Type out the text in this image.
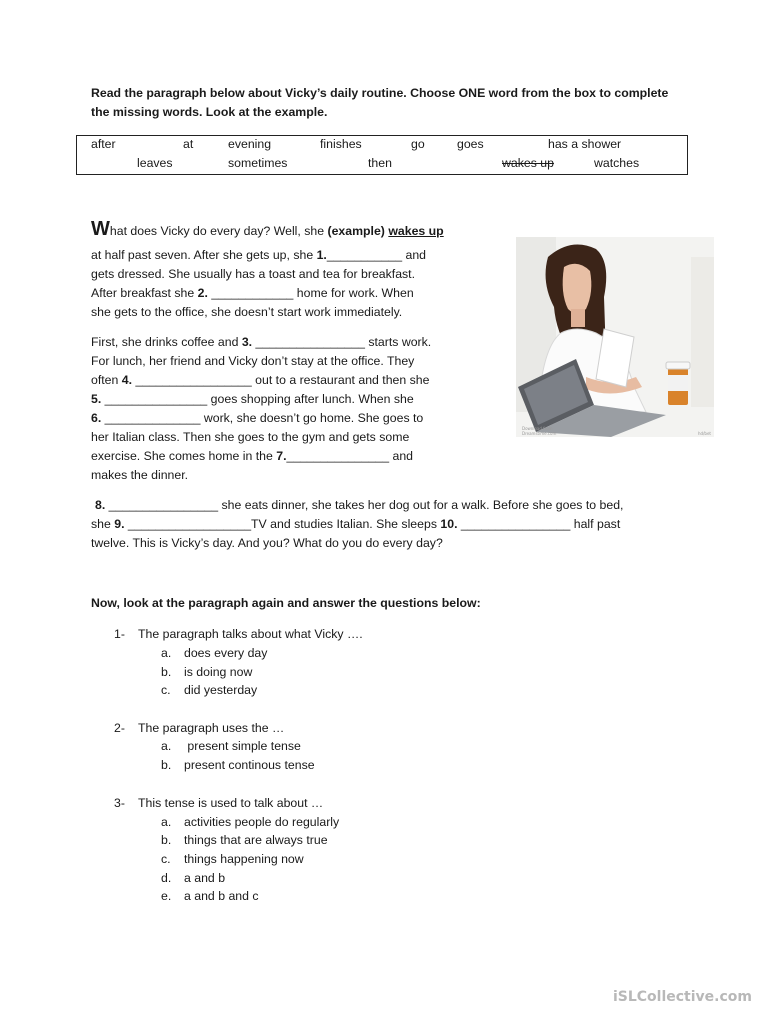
Read the paragraph below about Vicky’s daily routine. Choose ONE word from the box to complete
the missing words. Look at the example.
after	at	evening	finishes	go	goes	has a shower
leaves	sometimes	then	wakes up	watches
What does Vicky do every day? Well, she (example) wakes up
at half past seven. After she gets up, she 1.___________ and
gets dressed. She usually has a toast and tea for breakfast.
After breakfast she 2. ____________ home for work. When
she gets to the office, she doesn’t start work immediately.
First, she drinks coffee and 3. ________________ starts work.
For lunch, her friend and Vicky don’t stay at the office. They
often 4. _________________ out to a restaurant and then she
5. _______________ goes shopping after lunch. When she
6. ______________ work, she doesn’t go home. She goes to
her Italian class. Then she goes to the gym and gets some
exercise. She comes home in the 7._______________ and
makes the dinner.
8. ________________ she eats dinner, she takes her dog out for a walk. Before she goes to bed,
she 9. __________________TV and studies Italian. She sleeps 10. ________________ half past
twelve. This is Vicky’s day. And you? What do you do every day?
Download from
Dreamstime.com	hd/bet
Now, look at the paragraph again and answer the questions below:
1- The paragraph talks about what Vicky ….
a. does every day
b. is doing now
c. did yesterday
2- The paragraph uses the …
a. present simple tense
b. present continous tense
3- This tense is used to talk about …
a. activities people do regularly
b. things that are always true
c. things happening now
d. a and b
e. a and b and c
iSLCollective.com
